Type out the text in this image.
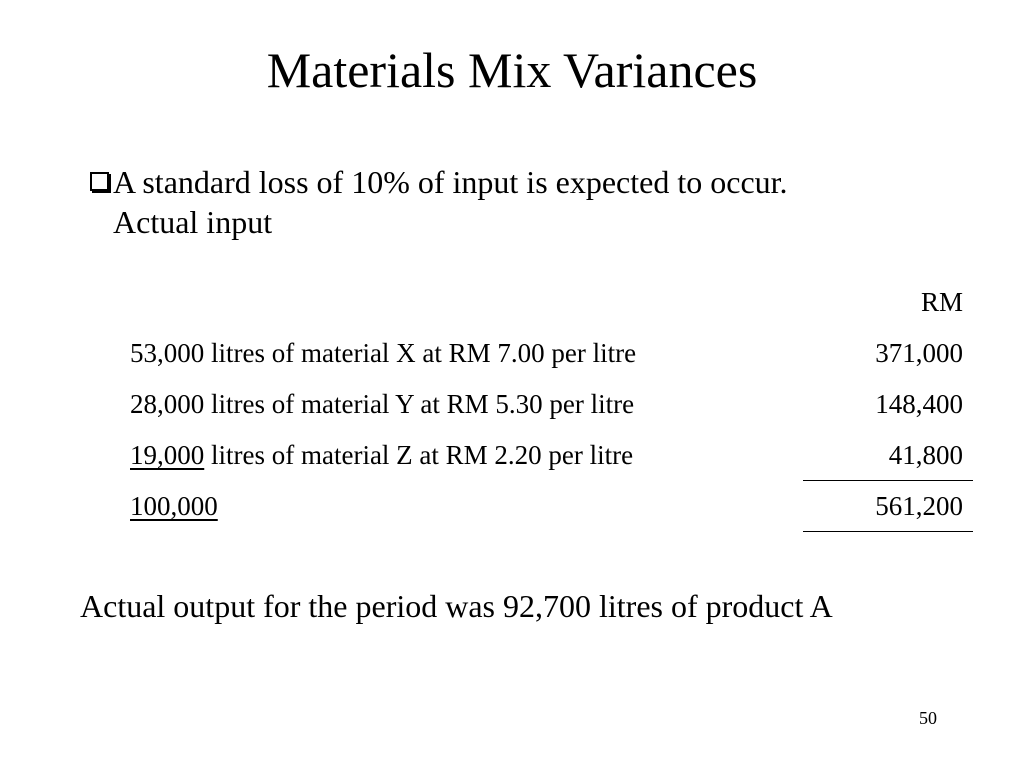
Materials Mix Variances
A standard loss of 10% of input is expected to occur. Actual input
RM
53,000 litres of material X at RM 7.00 per litre	371,000
28,000 litres of material Y at RM 5.30 per litre	148,400
19,000 litres of material Z at RM 2.20 per litre	41,800
100,000	561,200
Actual output for the period was 92,700 litres of product A
50
